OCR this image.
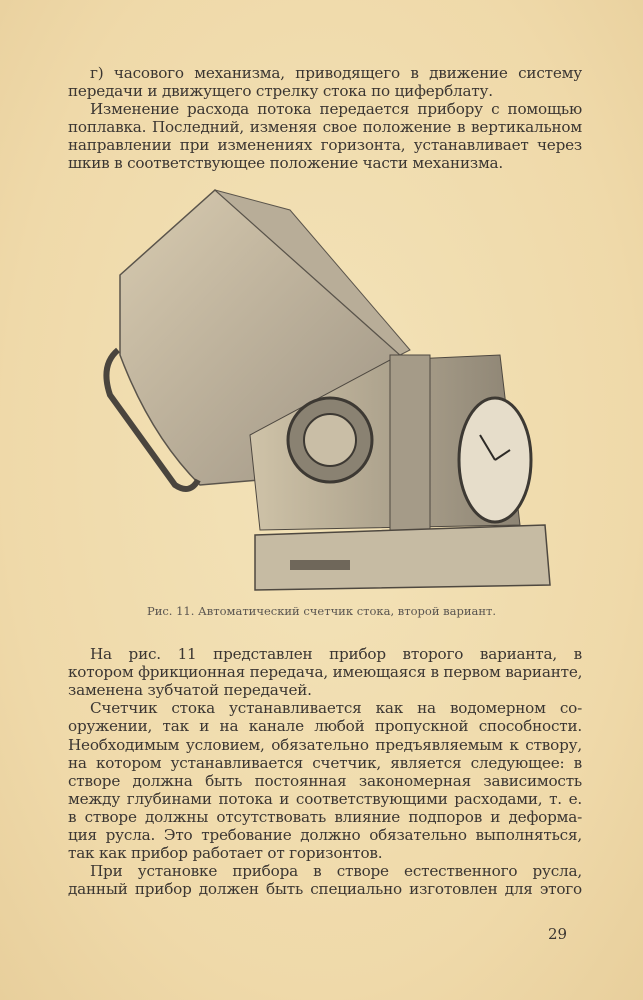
г) часового механизма, приводящего в движение систему
передачи и движущего стрелку стока по циферблату.
Изменение расхода потока передается прибору с помощью
поплавка. Последний, изменяя свое положение в вертикальном
направлении при изменениях горизонта, устанавливает через
шкив в соответствующее положение части механизма.
Рис. 11. Автоматический счетчик стока, второй вариант.
На рис. 11 представлен прибор второго варианта, в
котором фрикционная передача, имеющаяся в первом варианте,
заменена зубчатой передачей.
Счетчик стока устанавливается как на водомерном со-
оружении, так и на канале любой пропускной способности.
Необходимым условием, обязательно предъявляемым к створу,
на котором устанавливается счетчик, является следующее: в
створе должна быть постоянная закономерная зависимость
между глубинами потока и соответствующими расходами, т. е.
в створе должны отсутствовать влияние подпоров и деформа-
ция русла. Это требование должно обязательно выполняться,
так как прибор работает от горизонтов.
При установке прибора в створе естественного русла,
данный прибор должен быть специально изготовлен для этого
29
